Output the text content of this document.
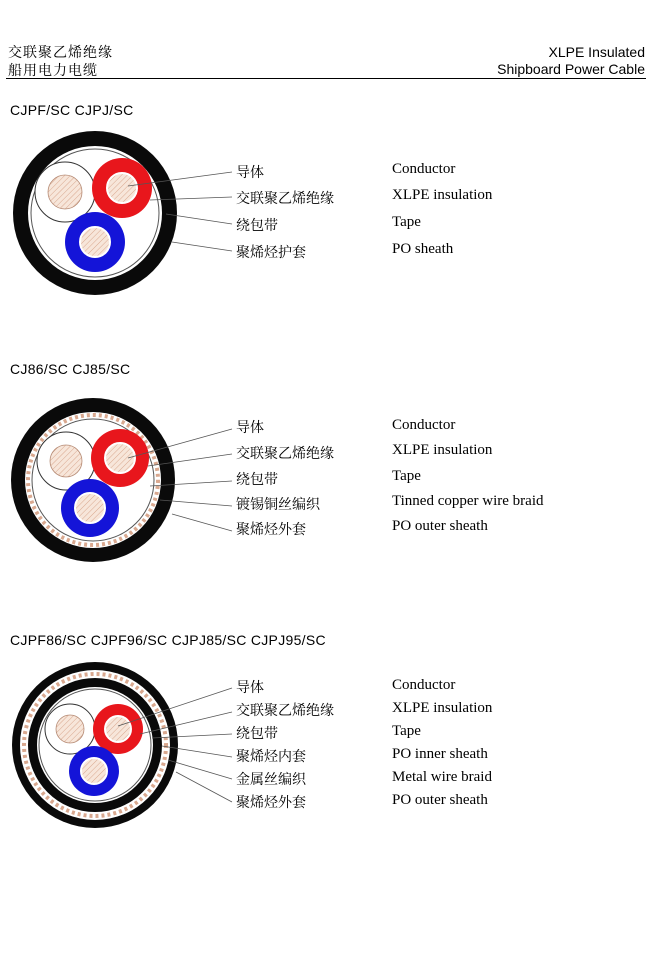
交联聚乙烯绝缘
船用电力电缆
XLPE Insulated
Shipboard Power Cable
CJPF/SC CJPJ/SC
导体
交联聚乙烯绝缘
绕包带
聚烯烃护套
Conductor
XLPE insulation
Tape
PO sheath
CJ86/SC CJ85/SC
导体
交联聚乙烯绝缘
绕包带
镀锡铜丝编织
聚烯烃外套
Conductor
XLPE insulation
Tape
Tinned copper wire braid
PO outer sheath
CJPF86/SC CJPF96/SC CJPJ85/SC CJPJ95/SC
导体
交联聚乙烯绝缘
绕包带
聚烯烃内套
金属丝编织
聚烯烃外套
Conductor
XLPE insulation
Tape
PO inner sheath
Metal wire braid
PO outer sheath
